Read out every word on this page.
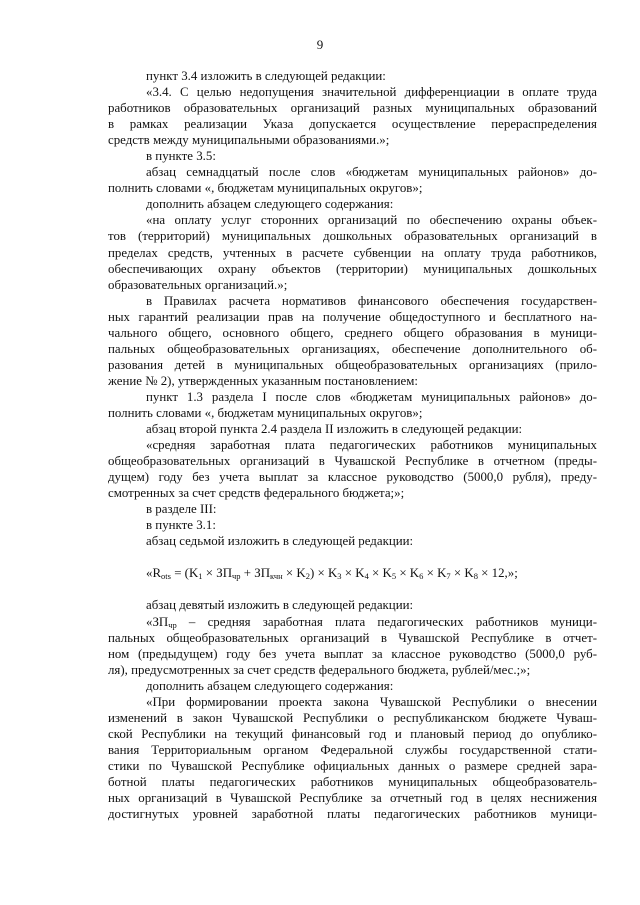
9
пункт 3.4 изложить в следующей редакции:
«3.4. С целью недопущения значительной дифференциации в оплате труда
работников образовательных организаций разных муниципальных образований
в рамках реализации Указа допускается осуществление перераспределения
средств между муниципальными образованиями.»;
в пункте 3.5:
абзац семнадцатый после слов «бюджетам муниципальных районов» до-
полнить словами «, бюджетам муниципальных округов»;
дополнить абзацем следующего содержания:
«на оплату услуг сторонних организаций по обеспечению охраны объек-
тов (территорий) муниципальных дошкольных образовательных организаций в
пределах средств, учтенных в расчете субвенции на оплату труда работников,
обеспечивающих охрану объектов (территории) муниципальных дошкольных
образовательных организаций.»;
в Правилах расчета нормативов финансового обеспечения государствен-
ных гарантий реализации прав на получение общедоступного и бесплатного на-
чального общего, основного общего, среднего общего образования в муници-
пальных общеобразовательных организациях, обеспечение дополнительного об-
разования детей в муниципальных общеобразовательных организациях (прило-
жение № 2), утвержденных указанным постановлением:
пункт 1.3 раздела I после слов «бюджетам муниципальных районов» до-
полнить словами «, бюджетам муниципальных округов»;
абзац второй пункта 2.4 раздела II изложить в следующей редакции:
«средняя заработная плата педагогических работников муниципальных
общеобразовательных организаций в Чувашской Республике в отчетном (преды-
дущем) году без учета выплат за классное руководство (5000,0 рубля), преду-
смотренных за счет средств федерального бюджета;»;
в разделе III:
в пункте 3.1:
абзац седьмой изложить в следующей редакции:
«$R_{ots} = (K_1 \times ЗП_{чр} + ЗП_{кчн} \times K_2) \times K_3 \times K_4 \times K_5 \times K_6 \times K_7 \times K_8 \times 12$,»;
абзац девятый изложить в следующей редакции:
«$ЗП_{чр}$ – средняя заработная плата педагогических работников муници-
пальных общеобразовательных организаций в Чувашской Республике в отчет-
ном (предыдущем) году без учета выплат за классное руководство (5000,0 руб-
ля), предусмотренных за счет средств федерального бюджета, рублей/мес.;»;
дополнить абзацем следующего содержания:
«При формировании проекта закона Чувашской Республики о внесении
изменений в закон Чувашской Республики о республиканском бюджете Чуваш-
ской Республики на текущий финансовый год и плановый период до опублико-
вания Территориальным органом Федеральной службы государственной стати-
стики по Чувашской Республике официальных данных о размере средней зара-
ботной платы педагогических работников муниципальных общеобразователь-
ных организаций в Чувашской Республике за отчетный год в целях неснижения
достигнутых уровней заработной платы педагогических работников муници-
